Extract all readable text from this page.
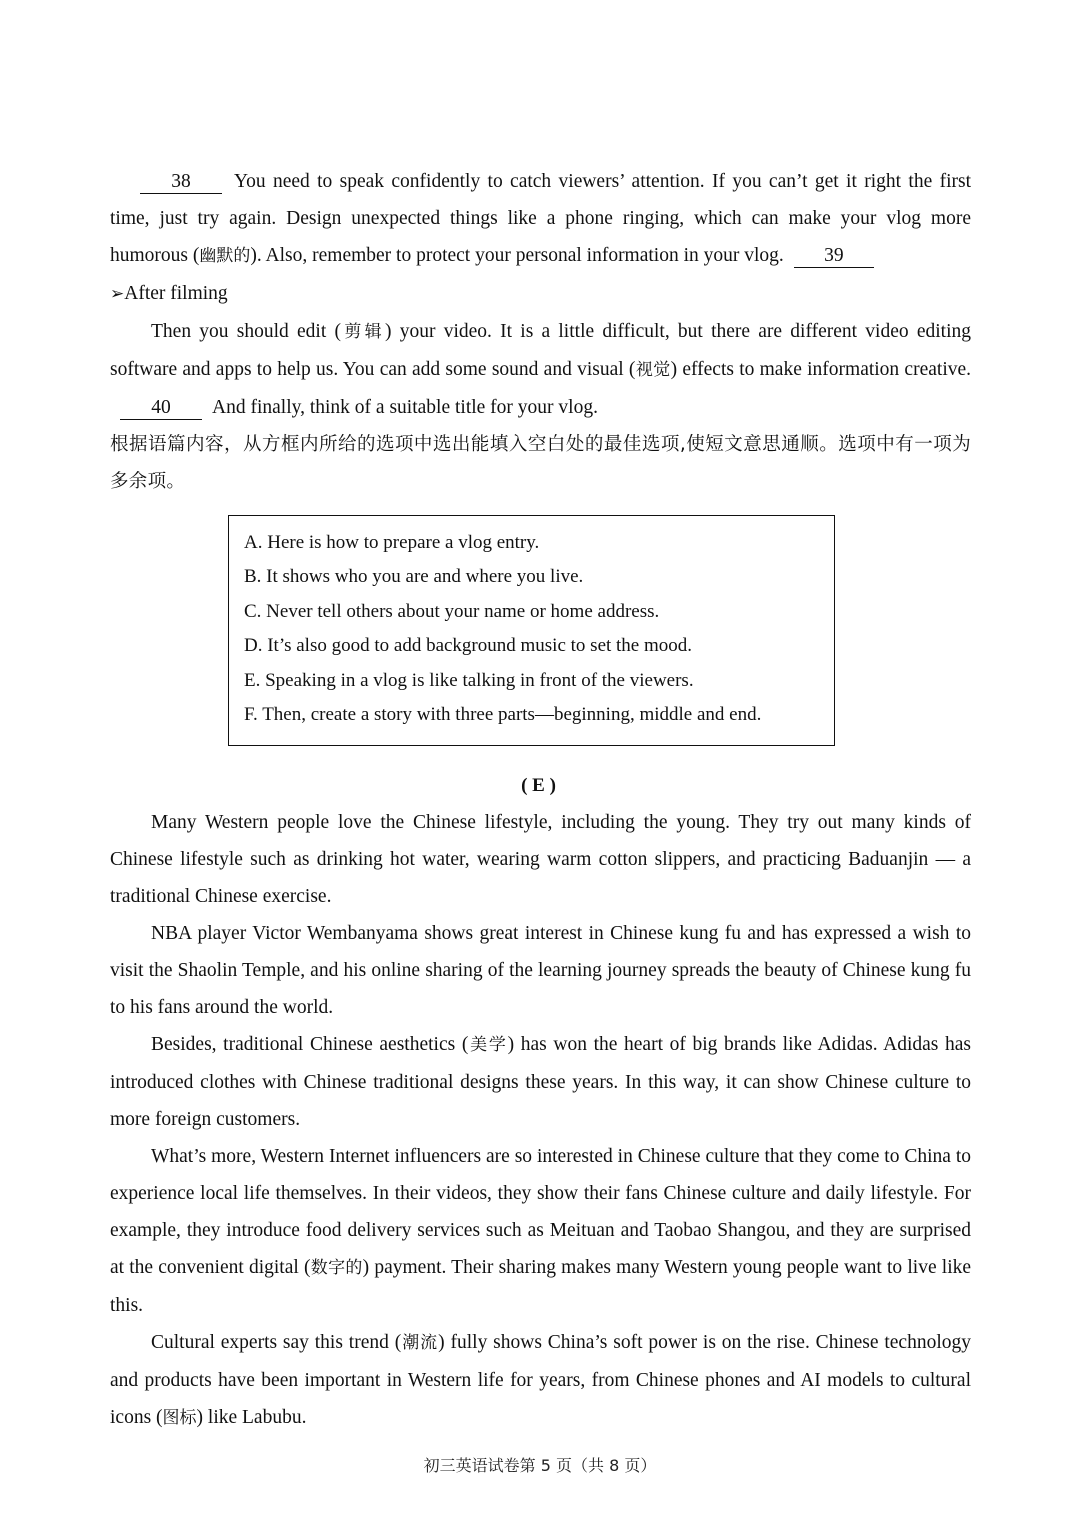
38 You need to speak confidently to catch viewers’ attention. If you can’t get it right the first time, just try again. Design unexpected things like a phone ringing, which can make your vlog more humorous (幽默的). Also, remember to protect your personal information in your vlog. 39

➢After filming

Then you should edit (剪辑) your video. It is a little difficult, but there are different video editing software and apps to help us. You can add some sound and visual (视觉) effects to make information creative.40 And finally, think of a suitable title for your vlog.

根据语篇内容，从方框内所给的选项中选出能填入空白处的最佳选项,使短文意思通顺。选项中有一项为多余项。

A. Here is how to prepare a vlog entry.
B. It shows who you are and where you live.
C. Never tell others about your name or home address.
D. It’s also good to add background music to set the mood.
E. Speaking in a vlog is like talking in front of the viewers.
F. Then, create a story with three parts—beginning, middle and end.
( E )

Many Western people love the Chinese lifestyle, including the young. They try out many kinds of Chinese lifestyle such as drinking hot water, wearing warm cotton slippers, and practicing Baduanjin — a traditional Chinese exercise.

NBA player Victor Wembanyama shows great interest in Chinese kung fu and has expressed a wish to visit the Shaolin Temple, and his online sharing of the learning journey spreads the beauty of Chinese kung fu to his fans around the world.

Besides, traditional Chinese aesthetics (美学) has won the heart of big brands like Adidas. Adidas has introduced clothes with Chinese traditional designs these years. In this way, it can show Chinese culture to more foreign customers.

What’s more, Western Internet influencers are so interested in Chinese culture that they come to China to experience local life themselves. In their videos, they show their fans Chinese culture and daily lifestyle. For example, they introduce food delivery services such as Meituan and Taobao Shangou, and they are surprised at the convenient digital (数字的) payment. Their sharing makes many Western young people want to live like this.

Cultural experts say this trend (潮流) fully shows China’s soft power is on the rise. Chinese technology and products have been important in Western life for years, from Chinese phones and AI models to cultural icons (图标) like Labubu.

初三英语试卷第 5 页（共 8 页）
